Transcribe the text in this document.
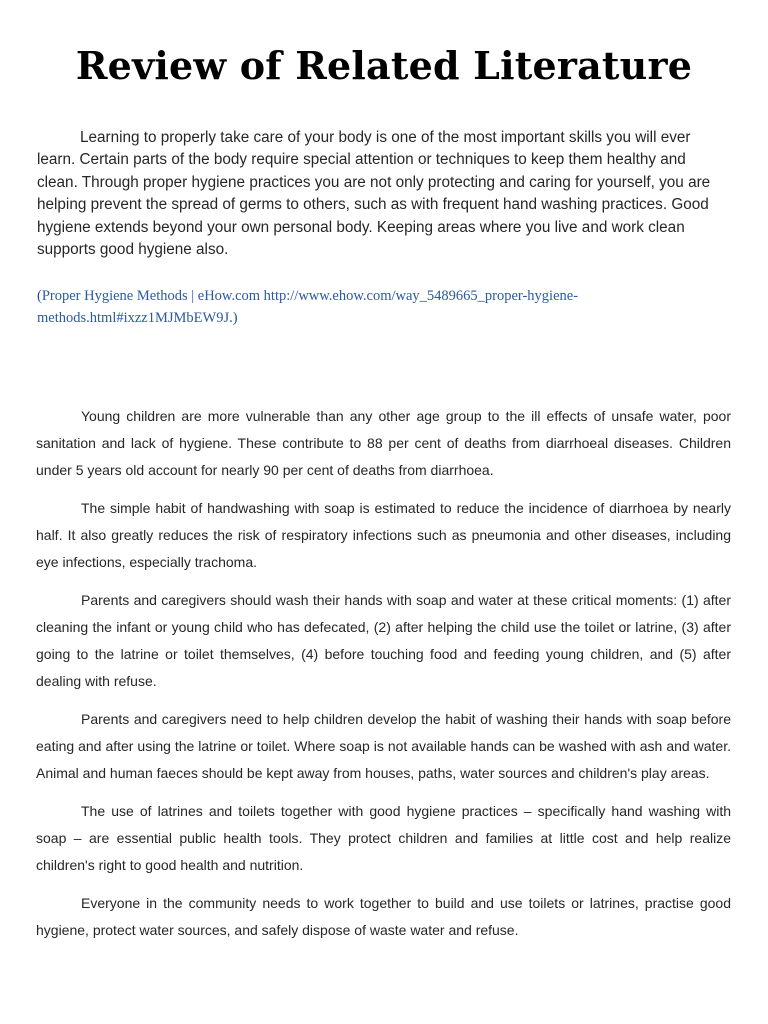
Review of Related Literature

Learning to properly take care of your body is one of the most important skills you will ever learn. Certain parts of the body require special attention or techniques to keep them healthy and clean. Through proper hygiene practices you are not only protecting and caring for yourself, you are helping prevent the spread of germs to others, such as with frequent hand washing practices. Good hygiene extends beyond your own personal body. Keeping areas where you live and work clean supports good hygiene also.

(Proper Hygiene Methods | eHow.com http://www.ehow.com/way_5489665_proper-hygiene-methods.html#ixzz1MJMbEW9J.)

Young children are more vulnerable than any other age group to the ill effects of unsafe water, poor sanitation and lack of hygiene. These contribute to 88 per cent of deaths from diarrhoeal diseases. Children under 5 years old account for nearly 90 per cent of deaths from diarrhoea.

The simple habit of handwashing with soap is estimated to reduce the incidence of diarrhoea by nearly half. It also greatly reduces the risk of respiratory infections such as pneumonia and other diseases, including eye infections, especially trachoma.

Parents and caregivers should wash their hands with soap and water at these critical moments: (1) after cleaning the infant or young child who has defecated, (2) after helping the child use the toilet or latrine, (3) after going to the latrine or toilet themselves, (4) before touching food and feeding young children, and (5) after dealing with refuse.

Parents and caregivers need to help children develop the habit of washing their hands with soap before eating and after using the latrine or toilet. Where soap is not available hands can be washed with ash and water. Animal and human faeces should be kept away from houses, paths, water sources and children's play areas.

The use of latrines and toilets together with good hygiene practices – specifically hand washing with soap – are essential public health tools. They protect children and families at little cost and help realize children's right to good health and nutrition.

Everyone in the community needs to work together to build and use toilets or latrines, practise good hygiene, protect water sources, and safely dispose of waste water and refuse.
